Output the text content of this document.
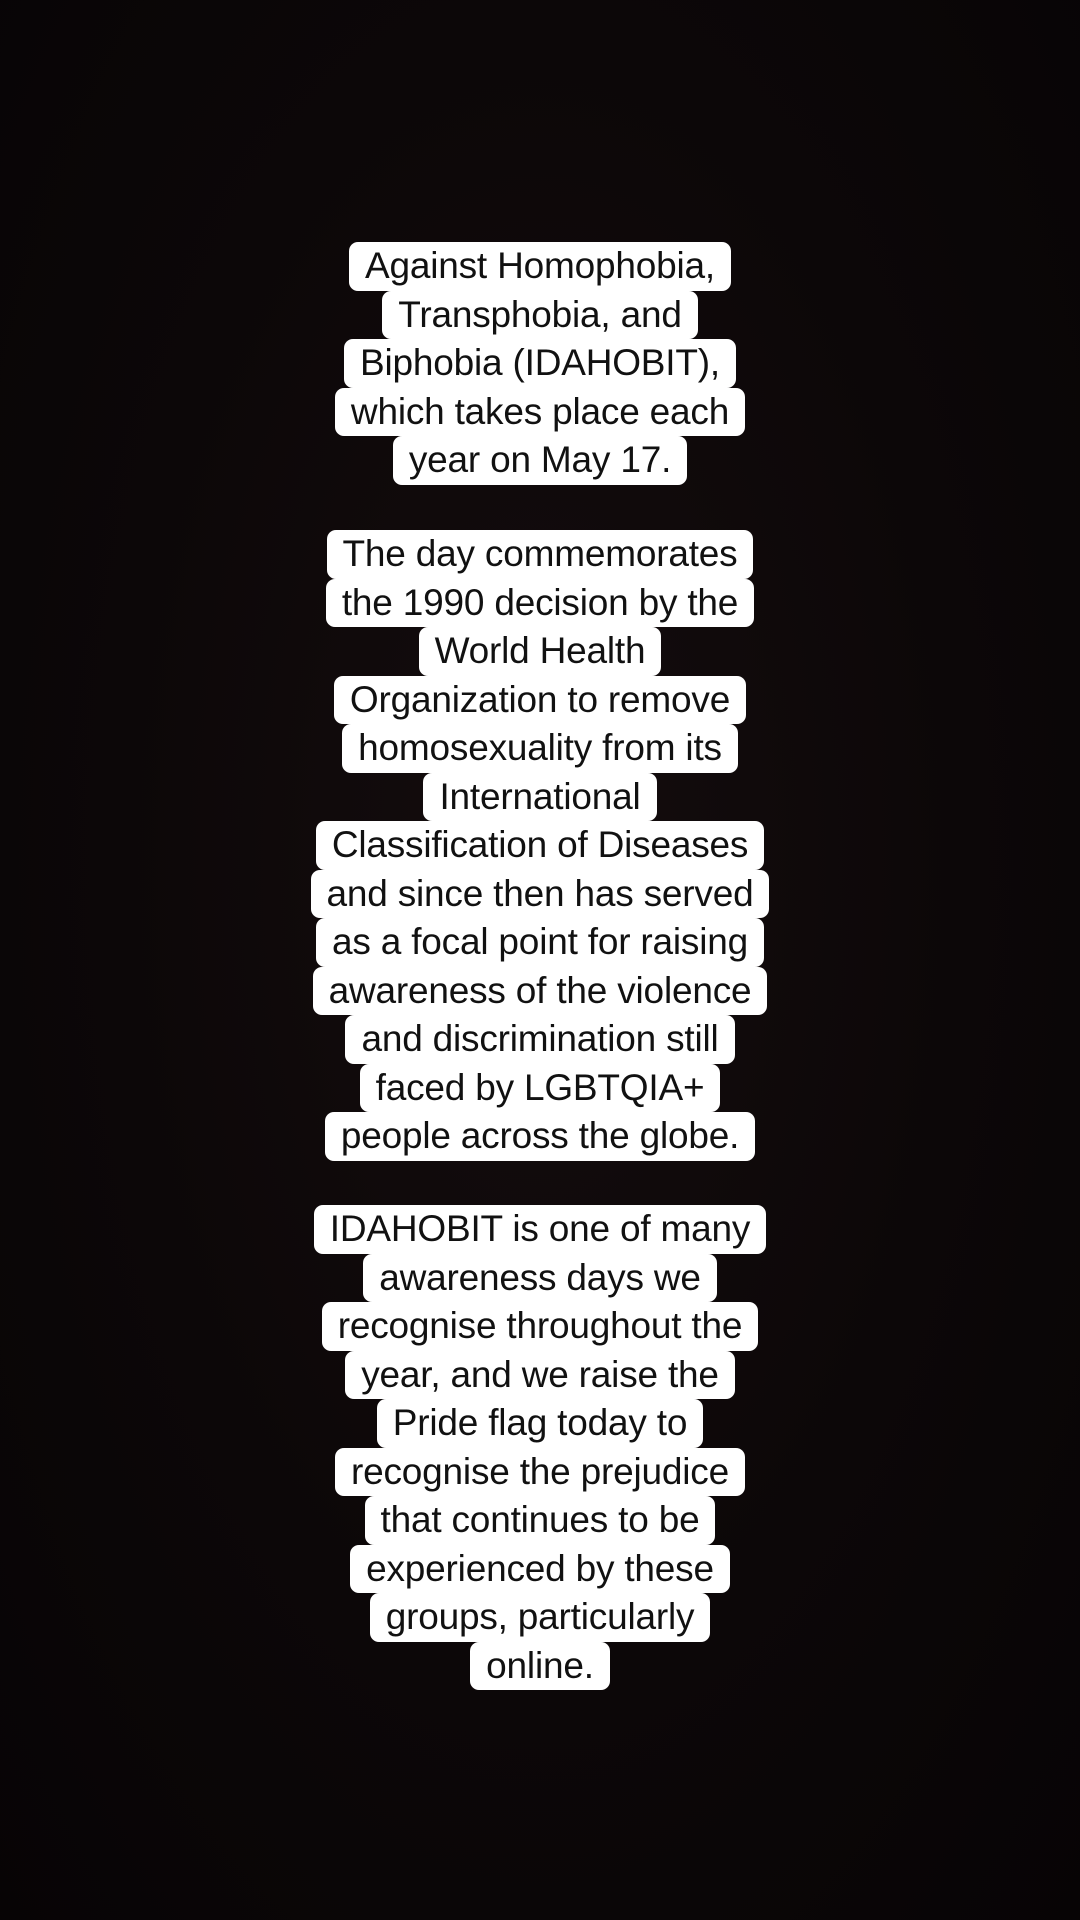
Against Homophobia,
Transphobia, and
Biphobia (IDAHOBIT),
which takes place each
year on May 17.
The day commemorates
the 1990 decision by the
World Health
Organization to remove
homosexuality from its
International
Classification of Diseases
and since then has served
as a focal point for raising
awareness of the violence
and discrimination still
faced by LGBTQIA+
people across the globe.
IDAHOBIT is one of many
awareness days we
recognise throughout the
year, and we raise the
Pride flag today to
recognise the prejudice
that continues to be
experienced by these
groups, particularly
online.
